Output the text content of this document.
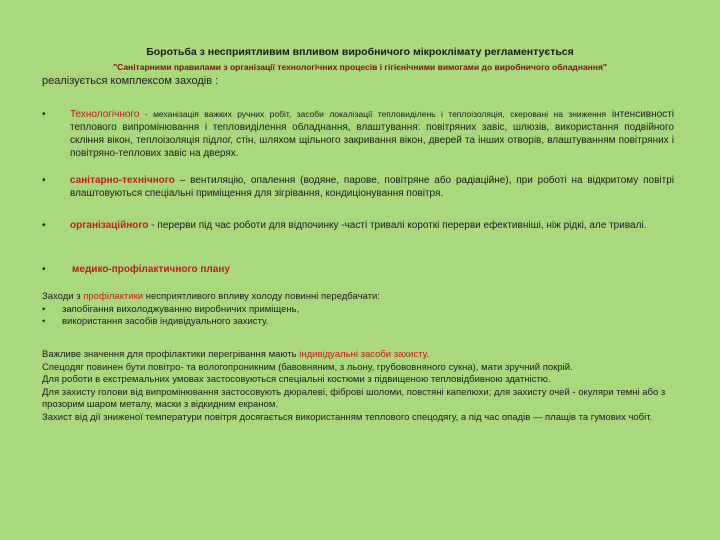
Боротьба з несприятливим впливом виробничого мікроклімату регламентується
"Санітарними правилами з організації технологічних процесів і гігієнічними вимогами до виробничого обладнання"
реалізується комплексом заходів :
• Технологічного - механізація важких ручних робіт, засоби локалізації тепловиділень і теплоізоляція, скеровані на зниження інтенсивності теплового випромінювання і тепловиділення обладнання, влаштування: повітряних завіс, шлюзів, використання подвійного скління вікон, теплоізоляція підлог, стін, шляхом щільного закривання вікон, дверей та інших отворів, влаштуванням повітряних і повітряно-теплових завіс на дверях.
• санітарно-технічного – вентиляцію, опалення (водяне, парове, повітряне або радіаційне), при роботі на відкритому повітрі влаштовуються спеціальні приміщення для зігрівання, кондиціонування повітря.
• організаційного - перерви під час роботи для відпочинку -часті тривалі короткі перерви ефективніші, ніж рідкі, але тривалі.
•	медико-профілактичного плану
Заходи з профілактики несприятливого впливу холоду повинні передбачати:
• запобігання вихолоджуванню виробничих приміщень,
• використання засобів індивідуального захисту.
Важливе значення для профілактики перегрівання мають індивідуальні засоби захисту.
Спецодяг повинен бути повітро- та вологопроникним (бавовняним, з льону, грубововняного сукна), мати зручний покрій.
Для роботи в екстремальних умовах застосовуються спеціальні костюми з підвищеною тепловідбивною здатністю.
Для захисту голови від випромінювання застосовують дюралеві, фіброві шоломи, повстяні капелюхи; для захисту очей - окуляри темні або з прозорим шаром металу, маски з відкидним екраном.
Захист від дії зниженої температури повітря досягається використанням теплового спецодягу, а під час опадів — плащів та гумових чобіт.
